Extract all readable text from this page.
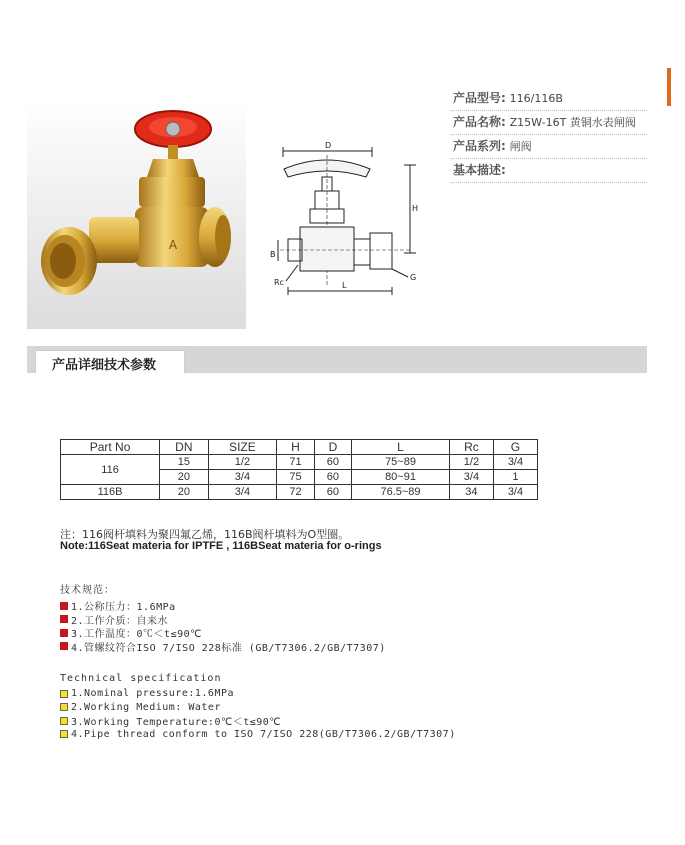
A
D
H
B
Rc	L
G
产品型号: 116/116B
产品名称: Z15W-16T 黄铜水表闸阀
产品系列: 闸阀
基本描述:
产品详细技术参数
Part No	DN	SIZE	H	D	L	Rc	G
116	15	1/2	71	60	75~89	1/2	3/4
	20	3/4	75	60	80~91	3/4	1
116B	20	3/4	72	60	76.5~89	34	3/4
注：116阀杆填料为聚四氟乙烯，116B阀杆填料为O型圈。
Note:116Seat materia for IPTFE , 116BSeat materia for o-rings
技术规范：
1.公称压力：1.6MPa
2.工作介质：自来水
3.工作温度：0℃＜t≤90℃
4.管螺纹符合ISO 7/ISO 228标准 (GB/T7306.2/GB/T7307)
Technical specification
1.Nominal pressure:1.6MPa
2.Working Medium: Water
3.Working Temperature:0℃＜t≤90℃
4.Pipe thread conform to ISO 7/ISO 228(GB/T7306.2/GB/T7307)
